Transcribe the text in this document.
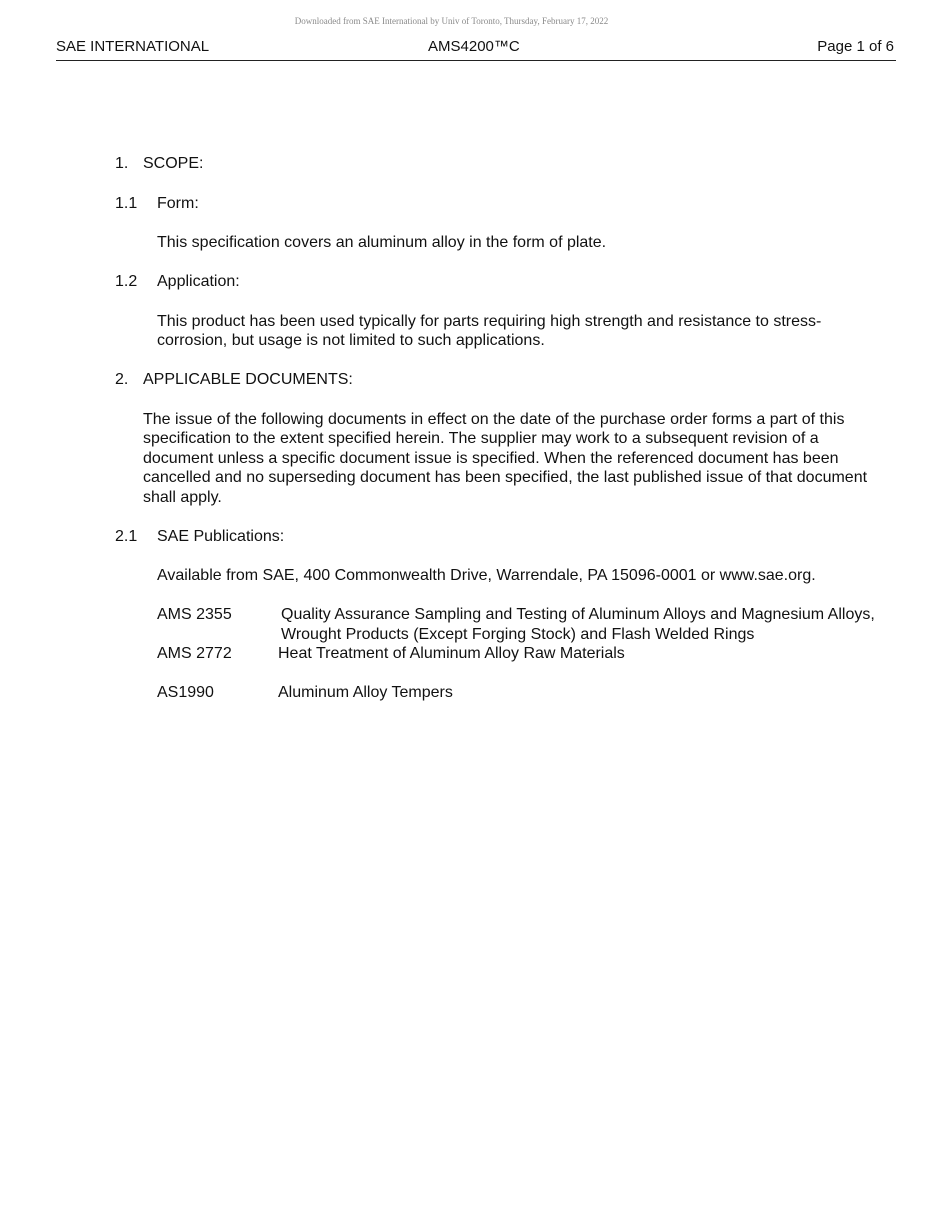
Downloaded from SAE International by Univ of Toronto, Thursday, February 17, 2022
SAE INTERNATIONAL	AMS4200™C	Page 1 of 6
1. SCOPE:
1.1 Form:
This specification covers an aluminum alloy in the form of plate.
1.2 Application:
This product has been used typically for parts requiring high strength and resistance to stress-corrosion, but usage is not limited to such applications.
2. APPLICABLE DOCUMENTS:
The issue of the following documents in effect on the date of the purchase order forms a part of this specification to the extent specified herein. The supplier may work to a subsequent revision of a document unless a specific document issue is specified. When the referenced document has been cancelled and no superseding document has been specified, the last published issue of that document shall apply.
2.1 SAE Publications:
Available from SAE, 400 Commonwealth Drive, Warrendale, PA 15096-0001 or www.sae.org.
AMS 2355	Quality Assurance Sampling and Testing of Aluminum Alloys and Magnesium Alloys, Wrought Products (Except Forging Stock) and Flash Welded Rings
AMS 2772	Heat Treatment of Aluminum Alloy Raw Materials
AS1990	Aluminum Alloy Tempers
